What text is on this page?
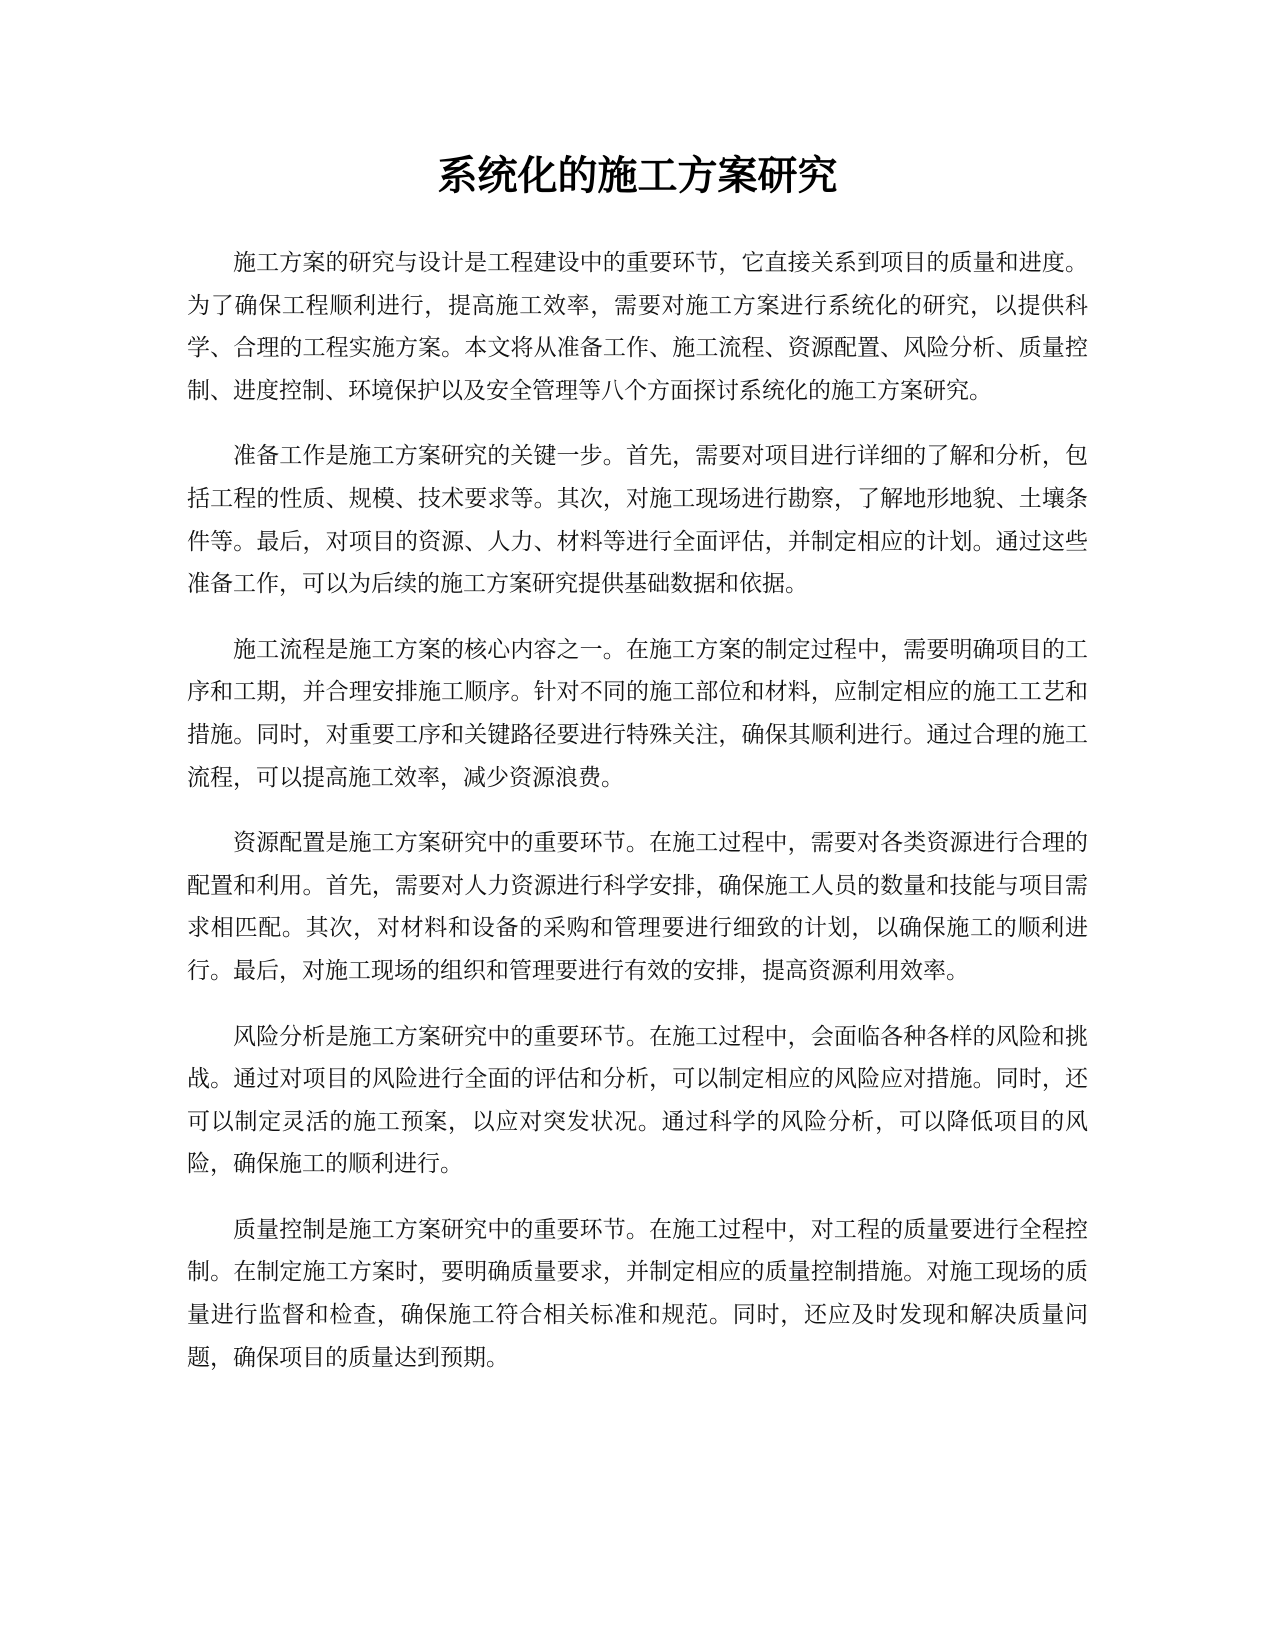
系统化的施工方案研究

施工方案的研究与设计是工程建设中的重要环节，它直接关系到项目的质量和进度。为了确保工程顺利进行，提高施工效率，需要对施工方案进行系统化的研究，以提供科学、合理的工程实施方案。本文将从准备工作、施工流程、资源配置、风险分析、质量控制、进度控制、环境保护以及安全管理等八个方面探讨系统化的施工方案研究。

准备工作是施工方案研究的关键一步。首先，需要对项目进行详细的了解和分析，包括工程的性质、规模、技术要求等。其次，对施工现场进行勘察，了解地形地貌、土壤条件等。最后，对项目的资源、人力、材料等进行全面评估，并制定相应的计划。通过这些准备工作，可以为后续的施工方案研究提供基础数据和依据。

施工流程是施工方案的核心内容之一。在施工方案的制定过程中，需要明确项目的工序和工期，并合理安排施工顺序。针对不同的施工部位和材料，应制定相应的施工工艺和措施。同时，对重要工序和关键路径要进行特殊关注，确保其顺利进行。通过合理的施工流程，可以提高施工效率，减少资源浪费。

资源配置是施工方案研究中的重要环节。在施工过程中，需要对各类资源进行合理的配置和利用。首先，需要对人力资源进行科学安排，确保施工人员的数量和技能与项目需求相匹配。其次，对材料和设备的采购和管理要进行细致的计划，以确保施工的顺利进行。最后，对施工现场的组织和管理要进行有效的安排，提高资源利用效率。

风险分析是施工方案研究中的重要环节。在施工过程中，会面临各种各样的风险和挑战。通过对项目的风险进行全面的评估和分析，可以制定相应的风险应对措施。同时，还可以制定灵活的施工预案，以应对突发状况。通过科学的风险分析，可以降低项目的风险，确保施工的顺利进行。

质量控制是施工方案研究中的重要环节。在施工过程中，对工程的质量要进行全程控制。在制定施工方案时，要明确质量要求，并制定相应的质量控制措施。对施工现场的质量进行监督和检查，确保施工符合相关标准和规范。同时，还应及时发现和解决质量问题，确保项目的质量达到预期。
